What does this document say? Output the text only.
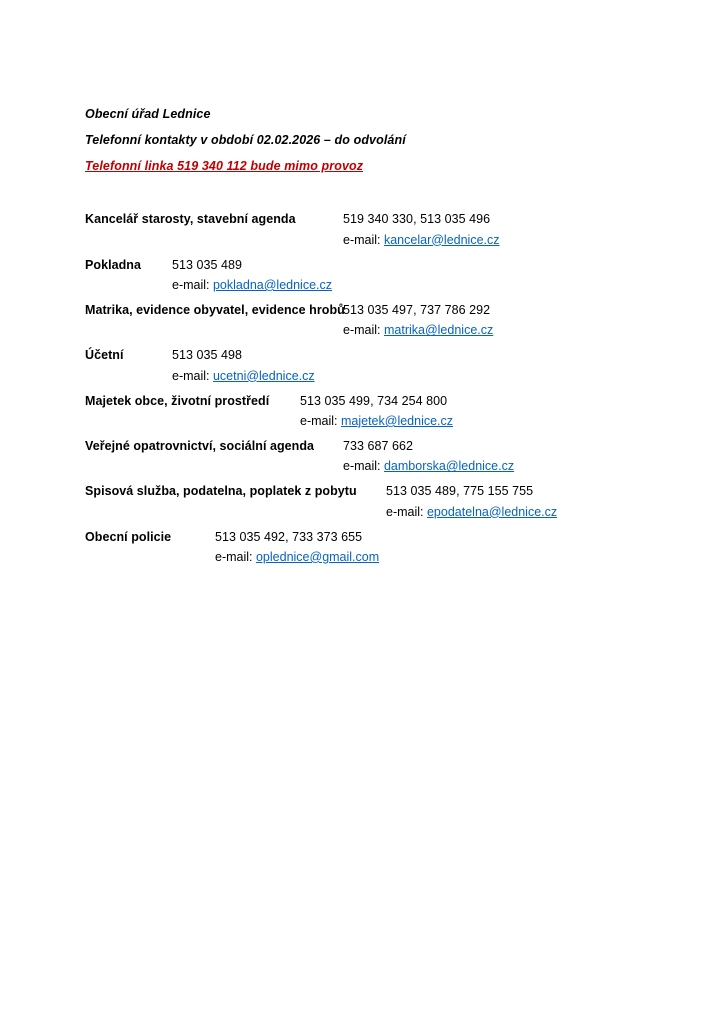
Obecní úřad Lednice
Telefonní kontakty v období 02.02.2026 – do odvolání
Telefonní linka 519 340 112 bude mimo provoz
Kancelář starosty, stavební agenda	519 340 330, 513 035 496
e-mail: kancelar@lednice.cz
Pokladna 513 035 489
e-mail: pokladna@lednice.cz
Matrika, evidence obyvatel, evidence hrobů
513 035 497, 737 786 292
e-mail: matrika@lednice.cz
Účetní	513 035 498
e-mail: ucetni@lednice.cz
Majetek obce, životní prostředí 513 035 499, 734 254 800
e-mail: majetek@lednice.cz
Veřejné opatrovnictví, sociální agenda 733 687 662
e-mail: damborska@lednice.cz
Spisová služba, podatelna, poplatek z pobytu 513 035 489, 775 155 755
e-mail: epodatelna@lednice.cz
Obecní policie	513 035 492, 733 373 655
e-mail: oplednice@gmail.com
